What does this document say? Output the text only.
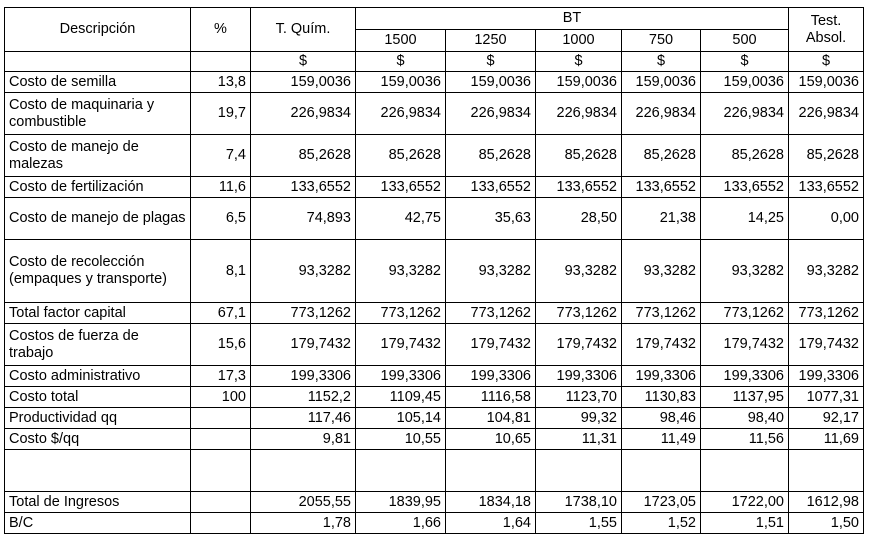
Descripción	%	T. Quím.	BT					Test.
Absol.

			1500	1250	1000	750	500	
		$	$	$	$	$	$	$
Costo de semilla	13,8	159,0036	159,0036	159,0036	159,0036	159,0036	159,0036	159,0036
Costo de maquinaria y combustible	19,7	226,9834	226,9834	226,9834	226,9834	226,9834	226,9834	226,9834
Costo de manejo de malezas	7,4	85,2628	85,2628	85,2628	85,2628	85,2628	85,2628	85,2628
Costo de fertilización	11,6	133,6552	133,6552	133,6552	133,6552	133,6552	133,6552	133,6552
Costo de manejo de plagas	6,5	74,893	42,75	35,63	28,50	21,38	14,25	0,00
Costo de recolección (empaques y transporte)	8,1	93,3282	93,3282	93,3282	93,3282	93,3282	93,3282	93,3282
Total factor capital	67,1	773,1262	773,1262	773,1262	773,1262	773,1262	773,1262	773,1262
Costos de fuerza de trabajo	15,6	179,7432	179,7432	179,7432	179,7432	179,7432	179,7432	179,7432
Costo administrativo	17,3	199,3306	199,3306	199,3306	199,3306	199,3306	199,3306	199,3306
Costo total	100	1152,2	1109,45	1116,58	1123,70	1130,83	1137,95	1077,31
Productividad qq		117,46	105,14	104,81	99,32	98,46	98,40	92,17
Costo $/qq		9,81	10,55	10,65	11,31	11,49	11,56	11,69

Total de Ingresos		2055,55	1839,95	1834,18	1738,10	1723,05	1722,00	1612,98
B/C		1,78	1,66	1,64	1,55	1,52	1,51	1,50
